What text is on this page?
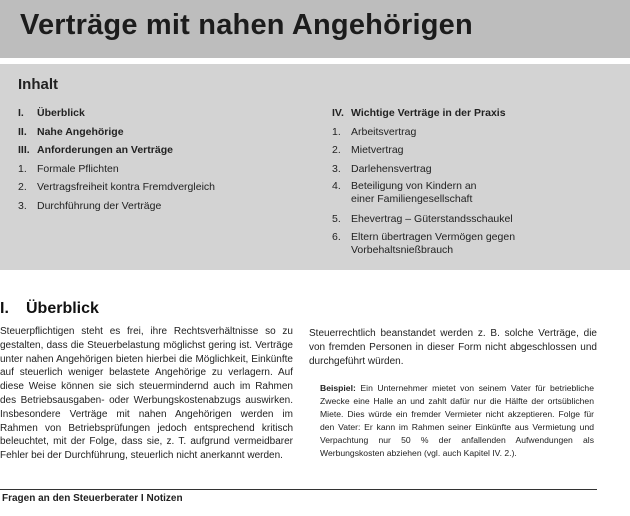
Verträge mit nahen Angehörigen
Inhalt
I.	Überblick
II. Nahe Angehörige
III. Anforderungen an Verträge
1. Formale Pflichten
2. Vertragsfreiheit kontra Fremdvergleich
3. Durchführung der Verträge
IV. Wichtige Verträge in der Praxis
1. Arbeitsvertrag
2. Mietvertrag
3. Darlehensvertrag
4. Beteiligung von Kindern an
einer Familiengesellschaft
5. Ehevertrag – Güterstandsschaukel
6. Eltern übertragen Vermögen gegen
Vorbehaltsnießbrauch
I. Überblick
Steuerpflichtigen steht es frei, ihre Rechtsverhältnisse so zu gestalten, dass die Steuerbelastung möglichst gering ist. Verträge unter nahen Angehörigen bieten hierbei die Möglichkeit, Einkünfte auf steuerlich weniger belastete Angehörige zu verlagern. Auf diese Weise können sie sich steuermindernd auch im Rahmen des Betriebsausgaben- oder Werbungskostenabzugs auswirken. Insbesondere Verträge mit nahen Angehörigen werden im Rahmen von Betriebsprüfungen jedoch entsprechend kritisch beleuchtet, mit der Folge, dass sie, z. T. aufgrund vermeidbarer Fehler bei der Durchführung, steuerlich nicht anerkannt werden.
Steuerrechtlich beanstandet werden z. B. solche Verträge, die von fremden Personen in dieser Form nicht abgeschlossen und durchgeführt würden.
Beispiel: Ein Unternehmer mietet von seinem Vater für betriebliche Zwecke eine Halle an und zahlt dafür nur die Hälfte der ortsüblichen Miete. Dies würde ein fremder Vermieter nicht akzeptieren. Folge für den Vater: Er kann im Rahmen seiner Einkünfte aus Vermietung und Verpachtung nur 50 % der anfallenden Aufwendungen als Werbungskosten abziehen (vgl. auch Kapitel IV. 2.).
Fragen an den Steuerberater I Notizen
